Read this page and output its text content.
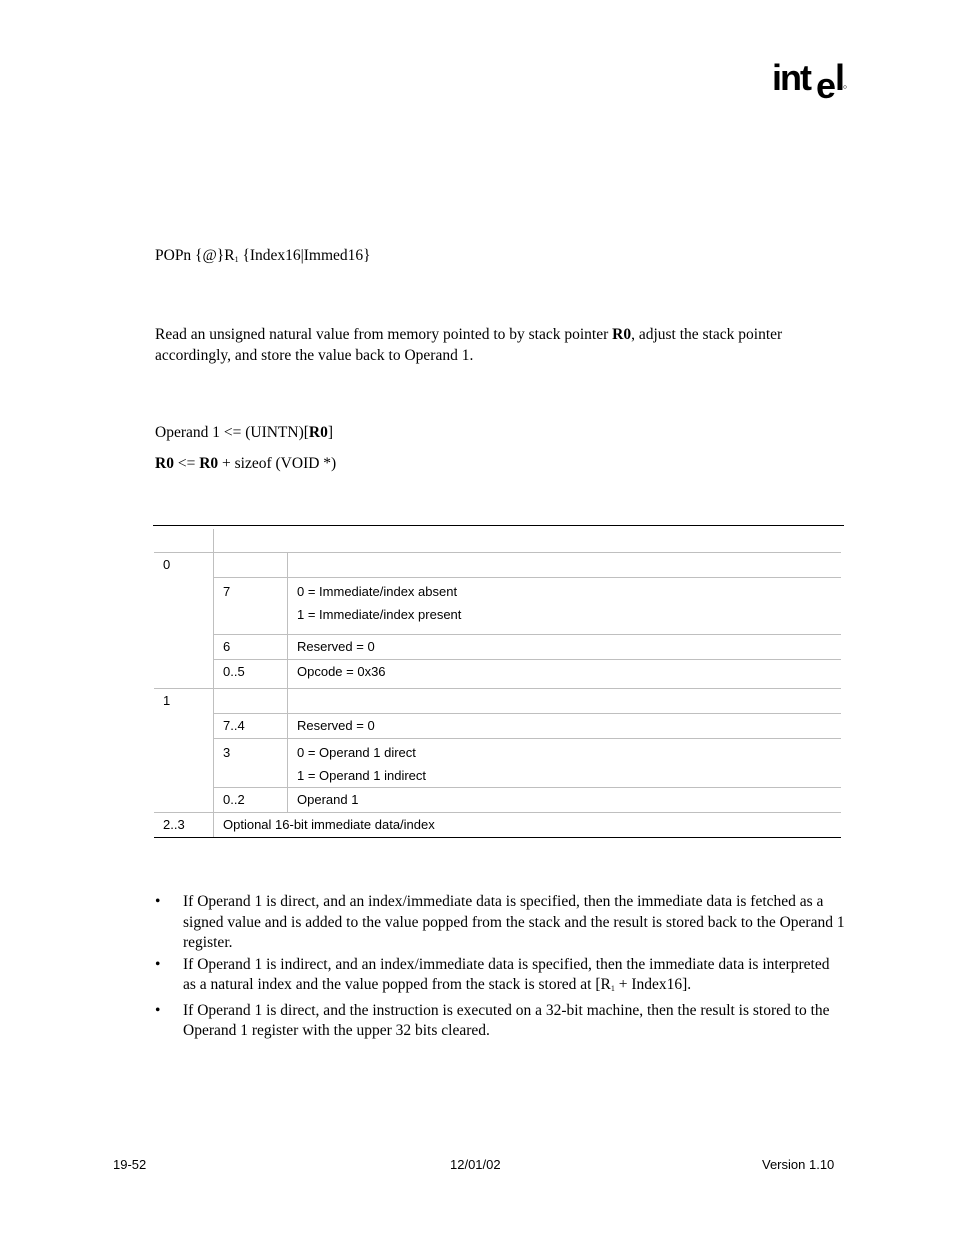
int e
l
POPn $\{@\}R_1$ {Index16|Immed16}
Read an unsigned natural value from memory pointed to by stack pointer R0, adjust the stack pointer accordingly, and store the value back to Operand 1.
Operand 1 <= (UINTN)[R0]
R0 <= R0 + sizeof (VOID *)

0		
	7	0 = Immediate/index absent
1 = Immediate/index present

	6	Reserved = 0
	0..5	Opcode = 0x36
1		
	7..4	Reserved = 0
	3	0 = Operand 1 direct
1 = Operand 1 indirect

	0..2	Operand 1
2..3	Optional 16-bit immediate data/index	
• If Operand 1 is direct, and an index/immediate data is specified, then the immediate data is fetched as a signed value and is added to the value popped from the stack and the result is stored back to the Operand 1 register.
• If Operand 1 is indirect, and an index/immediate data is specified, then the immediate data is interpreted as a natural index and the value popped from the stack is stored at [$R_1$ + Index16].
• If Operand 1 is direct, and the instruction is executed on a 32-bit machine, then the result is stored to the Operand 1 register with the upper 32 bits cleared.
19-52	12/01/02	Version 1.10
